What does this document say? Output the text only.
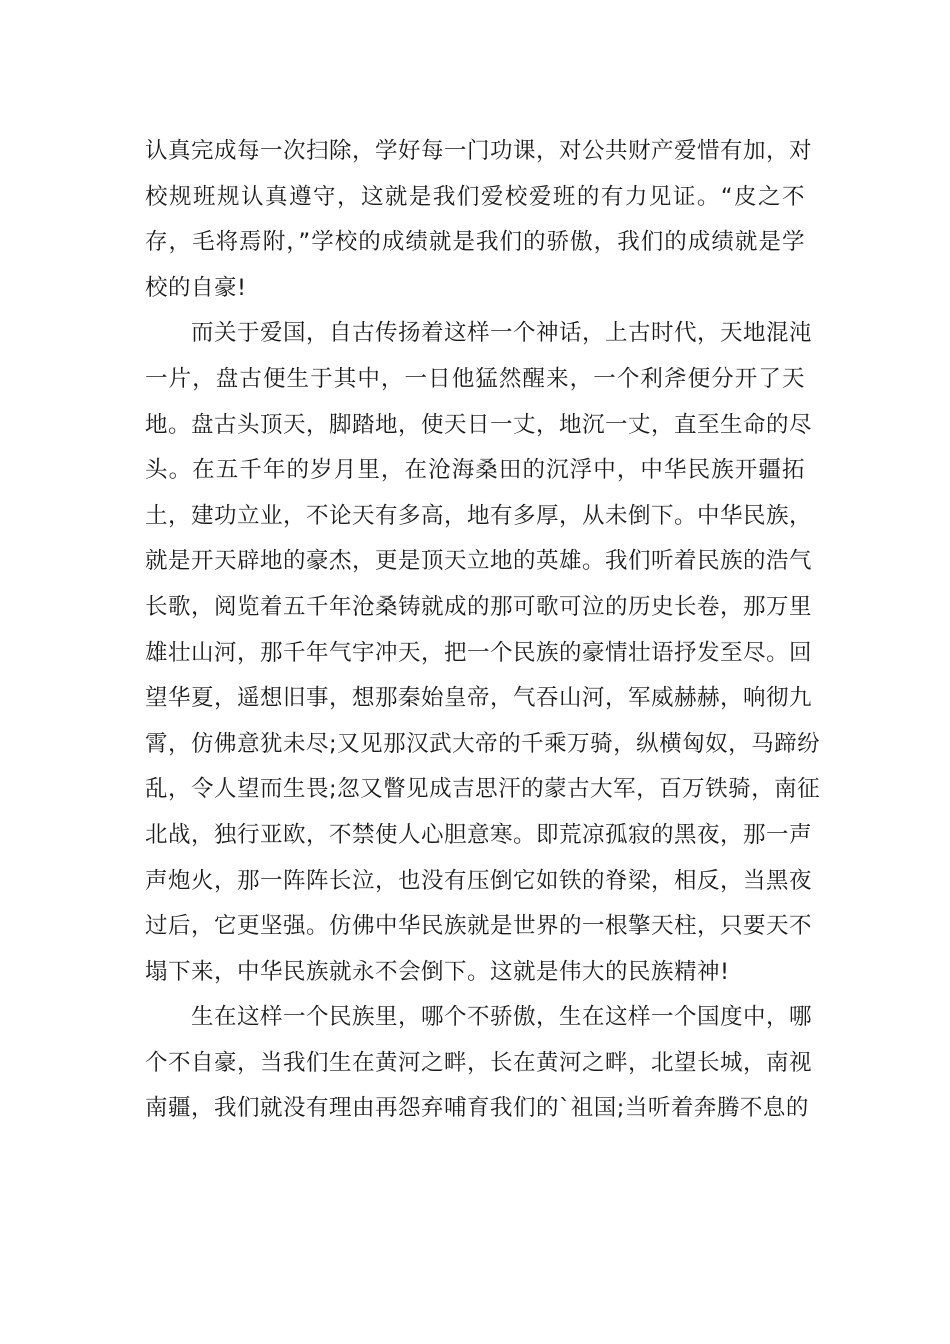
认真完成每一次扫除，学好每一门功课，对公共财产爱惜有加，对
校规班规认真遵守，这就是我们爱校爱班的有力见证。“皮之不
存，毛将焉附，”学校的成绩就是我们的骄傲，我们的成绩就是学
校的自豪!
而关于爱国，自古传扬着这样一个神话，上古时代，天地混沌
一片，盘古便生于其中，一日他猛然醒来，一个利斧便分开了天
地。盘古头顶天，脚踏地，使天日一丈，地沉一丈，直至生命的尽
头。在五千年的岁月里，在沧海桑田的沉浮中，中华民族开疆拓
土，建功立业，不论天有多高，地有多厚，从未倒下。中华民族，
就是开天辟地的豪杰，更是顶天立地的英雄。我们听着民族的浩气
长歌，阅览着五千年沧桑铸就成的那可歌可泣的历史长卷，那万里
雄壮山河，那千年气宇冲天，把一个民族的豪情壮语抒发至尽。回
望华夏，遥想旧事，想那秦始皇帝，气吞山河，军威赫赫，响彻九
霄，仿佛意犹未尽;又见那汉武大帝的千乘万骑，纵横匈奴，马蹄纷
乱，令人望而生畏;忽又瞥见成吉思汗的蒙古大军，百万铁骑，南征
北战，独行亚欧，不禁使人心胆意寒。即荒凉孤寂的黑夜，那一声
声炮火，那一阵阵长泣，也没有压倒它如铁的脊梁，相反，当黑夜
过后，它更坚强。仿佛中华民族就是世界的一根擎天柱，只要天不
塌下来，中华民族就永不会倒下。这就是伟大的民族精神!
生在这样一个民族里，哪个不骄傲，生在这样一个国度中，哪
个不自豪，当我们生在黄河之畔，长在黄河之畔，北望长城，南视
南疆，我们就没有理由再怨弃哺育我们的`祖国;当听着奔腾不息的
